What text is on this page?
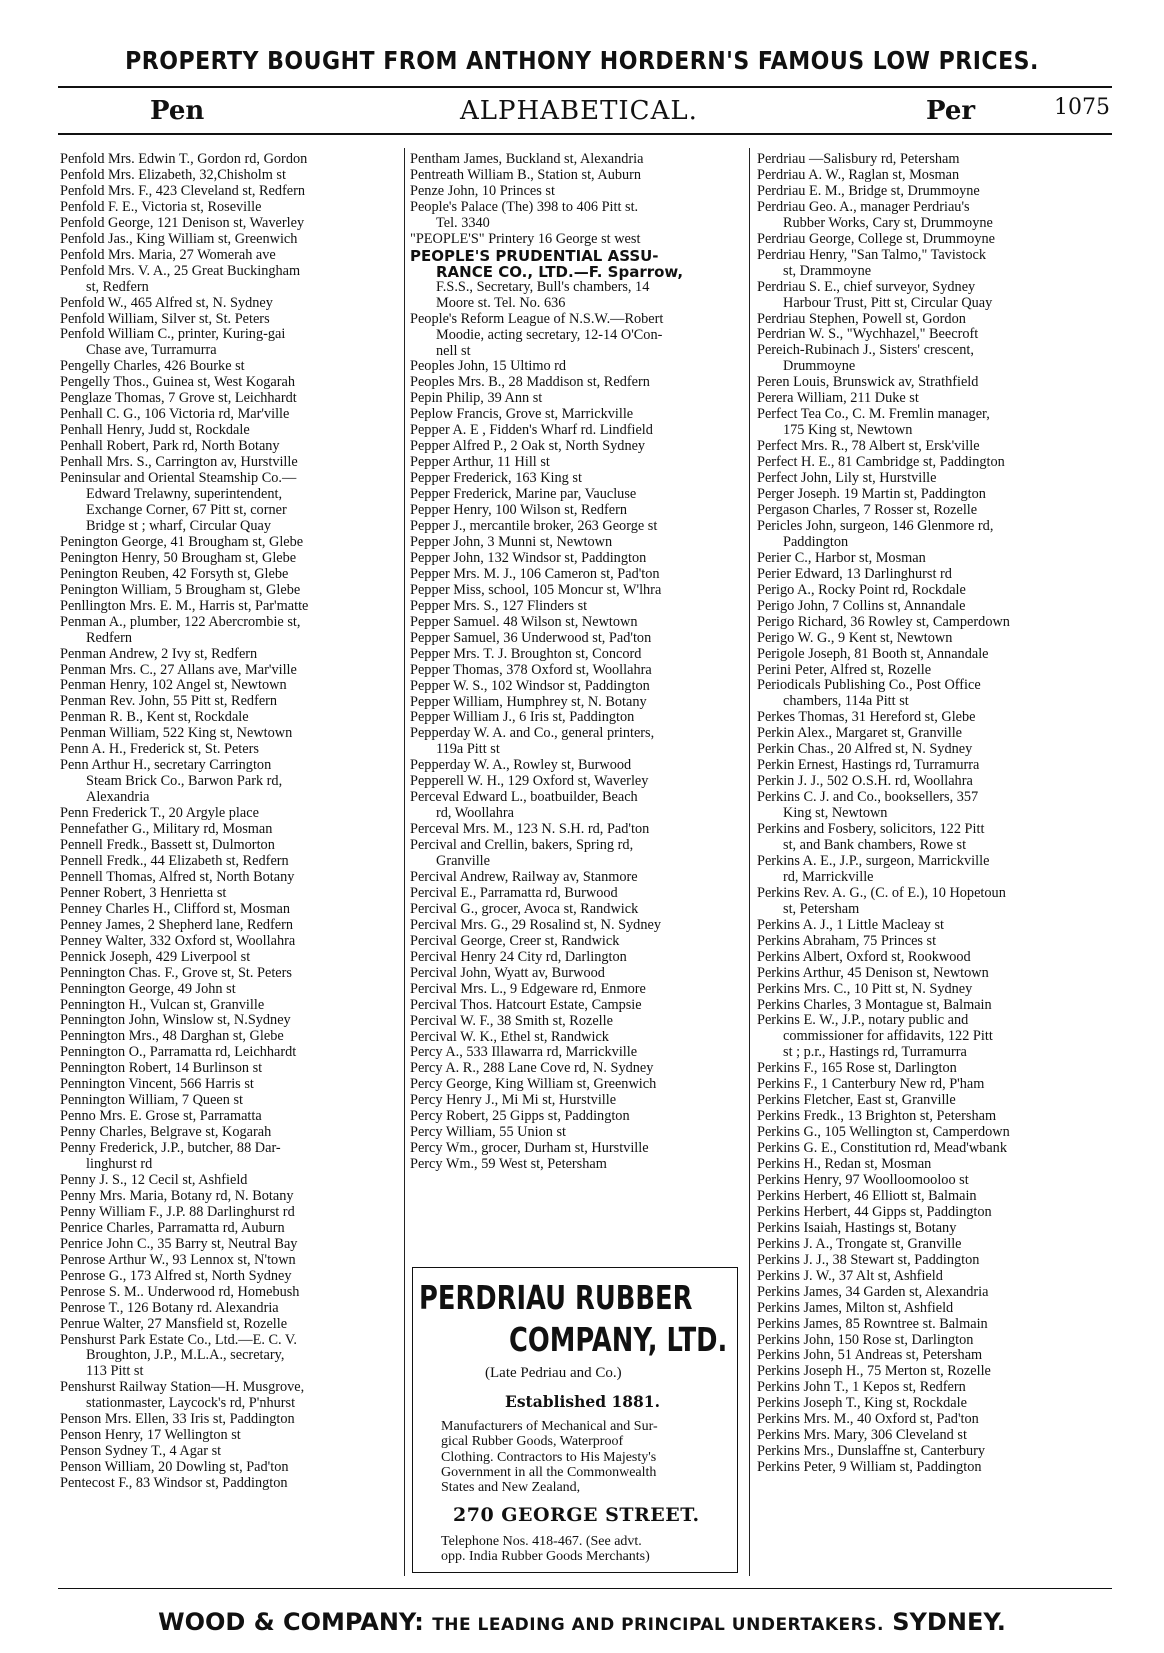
PROPERTY BOUGHT FROM ANTHONY HORDERN'S FAMOUS LOW PRICES.
Pen	ALPHABETICAL.	Per	1075
Penfold Mrs. Edwin T., Gordon rd, Gordon
Penfold Mrs. Elizabeth, 32,Chisholm st
Penfold Mrs. F., 423 Cleveland st, Redfern
Penfold F. E., Victoria st, Roseville
Penfold George, 121 Denison st, Waverley
Penfold Jas., King William st, Greenwich
Penfold Mrs. Maria, 27 Womerah ave
Penfold Mrs. V. A., 25 Great Buckingham
st, Redfern
Penfold W., 465 Alfred st, N. Sydney
Penfold William, Silver st, St. Peters
Penfold William C., printer, Kuring-gai
Chase ave, Turramurra
Pengelly Charles, 426 Bourke st
Pengelly Thos., Guinea st, West Kogarah
Penglaze Thomas, 7 Grove st, Leichhardt
Penhall C. G., 106 Victoria rd, Mar'ville
Penhall Henry, Judd st, Rockdale
Penhall Robert, Park rd, North Botany
Penhall Mrs. S., Carrington av, Hurstville
Peninsular and Oriental Steamship Co.—
Edward Trelawny, superintendent,
Exchange Corner, 67 Pitt st, corner
Bridge st ; wharf, Circular Quay
Penington George, 41 Brougham st, Glebe
Penington Henry, 50 Brougham st, Glebe
Penington Reuben, 42 Forsyth st, Glebe
Penington William, 5 Brougham st, Glebe
Penllington Mrs. E. M., Harris st, Par'matte
Penman A., plumber, 122 Abercrombie st,
Redfern
Penman Andrew, 2 Ivy st, Redfern
Penman Mrs. C., 27 Allans ave, Mar'ville
Penman Henry, 102 Angel st, Newtown
Penman Rev. John, 55 Pitt st, Redfern
Penman R. B., Kent st, Rockdale
Penman William, 522 King st, Newtown
Penn A. H., Frederick st, St. Peters
Penn Arthur H., secretary Carrington
Steam Brick Co., Barwon Park rd,
Alexandria
Penn Frederick T., 20 Argyle place
Pennefather G., Military rd, Mosman
Pennell Fredk., Bassett st, Dulmorton
Pennell Fredk., 44 Elizabeth st, Redfern
Pennell Thomas, Alfred st, North Botany
Penner Robert, 3 Henrietta st
Penney Charles H., Clifford st, Mosman
Penney James, 2 Shepherd lane, Redfern
Penney Walter, 332 Oxford st, Woollahra
Pennick Joseph, 429 Liverpool st
Pennington Chas. F., Grove st, St. Peters
Pennington George, 49 John st
Pennington H., Vulcan st, Granville
Pennington John, Winslow st, N.Sydney
Pennington Mrs., 48 Darghan st, Glebe
Pennington O., Parramatta rd, Leichhardt
Pennington Robert, 14 Burlinson st
Pennington Vincent, 566 Harris st
Pennington William, 7 Queen st
Penno Mrs. E. Grose st, Parramatta
Penny Charles, Belgrave st, Kogarah
Penny Frederick, J.P., butcher, 88 Dar-
linghurst rd
Penny J. S., 12 Cecil st, Ashfield
Penny Mrs. Maria, Botany rd, N. Botany
Penny William F., J.P. 88 Darlinghurst rd
Penrice Charles, Parramatta rd, Auburn
Penrice John C., 35 Barry st, Neutral Bay
Penrose Arthur W., 93 Lennox st, N'town
Penrose G., 173 Alfred st, North Sydney
Penrose S. M.. Underwood rd, Homebush
Penrose T., 126 Botany rd. Alexandria
Penrue Walter, 27 Mansfield st, Rozelle
Penshurst Park Estate Co., Ltd.—E. C. V.
Broughton, J.P., M.L.A., secretary,
113 Pitt st
Penshurst Railway Station—H. Musgrove,
stationmaster, Laycock's rd, P'nhurst
Penson Mrs. Ellen, 33 Iris st, Paddington
Penson Henry, 17 Wellington st
Penson Sydney T., 4 Agar st
Penson William, 20 Dowling st, Pad'ton
Pentecost F., 83 Windsor st, Paddington
Pentham James, Buckland st, Alexandria
Pentreath William B., Station st, Auburn
Penze John, 10 Princes st
People's Palace (The) 398 to 406 Pitt st.
Tel. 3340
"PEOPLE'S" Printery 16 George st west
PEOPLE'S PRUDENTIAL ASSU-
RANCE CO., LTD.—F. Sparrow,
F.S.S., Secretary, Bull's chambers, 14
Moore st. Tel. No. 636
People's Reform League of N.S.W.—Robert
Moodie, acting secretary, 12-14 O'Con-
nell st
Peoples John, 15 Ultimo rd
Peoples Mrs. B., 28 Maddison st, Redfern
Pepin Philip, 39 Ann st
Peplow Francis, Grove st, Marrickville
Pepper A. E , Fidden's Wharf rd. Lindfield
Pepper Alfred P., 2 Oak st, North Sydney
Pepper Arthur, 11 Hill st
Pepper Frederick, 163 King st
Pepper Frederick, Marine par, Vaucluse
Pepper Henry, 100 Wilson st, Redfern
Pepper J., mercantile broker, 263 George st
Pepper John, 3 Munni st, Newtown
Pepper John, 132 Windsor st, Paddington
Pepper Mrs. M. J., 106 Cameron st, Pad'ton
Pepper Miss, school, 105 Moncur st, W'lhra
Pepper Mrs. S., 127 Flinders st
Pepper Samuel. 48 Wilson st, Newtown
Pepper Samuel, 36 Underwood st, Pad'ton
Pepper Mrs. T. J. Broughton st, Concord
Pepper Thomas, 378 Oxford st, Woollahra
Pepper W. S., 102 Windsor st, Paddington
Pepper William, Humphrey st, N. Botany
Pepper William J., 6 Iris st, Paddington
Pepperday W. A. and Co., general printers,
119a Pitt st
Pepperday W. A., Rowley st, Burwood
Pepperell W. H., 129 Oxford st, Waverley
Perceval Edward L., boatbuilder, Beach
rd, Woollahra
Perceval Mrs. M., 123 N. S.H. rd, Pad'ton
Percival and Crellin, bakers, Spring rd,
Granville
Percival Andrew, Railway av, Stanmore
Percival E., Parramatta rd, Burwood
Percival G., grocer, Avoca st, Randwick
Percival Mrs. G., 29 Rosalind st, N. Sydney
Percival George, Creer st, Randwick
Percival Henry 24 City rd, Darlington
Percival John, Wyatt av, Burwood
Percival Mrs. L., 9 Edgeware rd, Enmore
Percival Thos. Hatcourt Estate, Campsie
Percival W. F., 38 Smith st, Rozelle
Percival W. K., Ethel st, Randwick
Percy A., 533 Illawarra rd, Marrickville
Percy A. R., 288 Lane Cove rd, N. Sydney
Percy George, King William st, Greenwich
Percy Henry J., Mi Mi st, Hurstville
Percy Robert, 25 Gipps st, Paddington
Percy William, 55 Union st
Percy Wm., grocer, Durham st, Hurstville
Percy Wm., 59 West st, Petersham
Perdriau —Salisbury rd, Petersham
Perdriau A. W., Raglan st, Mosman
Perdriau E. M., Bridge st, Drummoyne
Perdriau Geo. A., manager Perdriau's
Rubber Works, Cary st, Drummoyne
Perdriau George, College st, Drummoyne
Perdriau Henry, "San Talmo," Tavistock
st, Drammoyne
Perdriau S. E., chief surveyor, Sydney
Harbour Trust, Pitt st, Circular Quay
Perdriau Stephen, Powell st, Gordon
Perdrian W. S., "Wychhazel," Beecroft
Pereich-Rubinach J., Sisters' crescent,
Drummoyne
Peren Louis, Brunswick av, Strathfield
Perera William, 211 Duke st
Perfect Tea Co., C. M. Fremlin manager,
175 King st, Newtown
Perfect Mrs. R., 78 Albert st, Ersk'ville
Perfect H. E., 81 Cambridge st, Paddington
Perfect John, Lily st, Hurstville
Perger Joseph. 19 Martin st, Paddington
Pergason Charles, 7 Rosser st, Rozelle
Pericles John, surgeon, 146 Glenmore rd,
Paddington
Perier C., Harbor st, Mosman
Perier Edward, 13 Darlinghurst rd
Perigo A., Rocky Point rd, Rockdale
Perigo John, 7 Collins st, Annandale
Perigo Richard, 36 Rowley st, Camperdown
Perigo W. G., 9 Kent st, Newtown
Perigole Joseph, 81 Booth st, Annandale
Perini Peter, Alfred st, Rozelle
Periodicals Publishing Co., Post Office
chambers, 114a Pitt st
Perkes Thomas, 31 Hereford st, Glebe
Perkin Alex., Margaret st, Granville
Perkin Chas., 20 Alfred st, N. Sydney
Perkin Ernest, Hastings rd, Turramurra
Perkin J. J., 502 O.S.H. rd, Woollahra
Perkins C. J. and Co., booksellers, 357
King st, Newtown
Perkins and Fosbery, solicitors, 122 Pitt
st, and Bank chambers, Rowe st
Perkins A. E., J.P., surgeon, Marrickville
rd, Marrickville
Perkins Rev. A. G., (C. of E.), 10 Hopetoun
st, Petersham
Perkins A. J., 1 Little Macleay st
Perkins Abraham, 75 Princes st
Perkins Albert, Oxford st, Rookwood
Perkins Arthur, 45 Denison st, Newtown
Perkins Mrs. C., 10 Pitt st, N. Sydney
Perkins Charles, 3 Montague st, Balmain
Perkins E. W., J.P., notary public and
commissioner for affidavits, 122 Pitt
st ; p.r., Hastings rd, Turramurra
Perkins F., 165 Rose st, Darlington
Perkins F., 1 Canterbury New rd, P'ham
Perkins Fletcher, East st, Granville
Perkins Fredk., 13 Brighton st, Petersham
Perkins G., 105 Wellington st, Camperdown
Perkins G. E., Constitution rd, Mead'wbank
Perkins H., Redan st, Mosman
Perkins Henry, 97 Woolloomooloo st
Perkins Herbert, 46 Elliott st, Balmain
Perkins Herbert, 44 Gipps st, Paddington
Perkins Isaiah, Hastings st, Botany
Perkins J. A., Trongate st, Granville
Perkins J. J., 38 Stewart st, Paddington
Perkins J. W., 37 Alt st, Ashfield
Perkins James, 34 Garden st, Alexandria
Perkins James, Milton st, Ashfield
Perkins James, 85 Rowntree st. Balmain
Perkins John, 150 Rose st, Darlington
Perkins John, 51 Andreas st, Petersham
Perkins Joseph H., 75 Merton st, Rozelle
Perkins John T., 1 Kepos st, Redfern
Perkins Joseph T., King st, Rockdale
Perkins Mrs. M., 40 Oxford st, Pad'ton
Perkins Mrs. Mary, 306 Cleveland st
Perkins Mrs., Dunslaffne st, Canterbury
Perkins Peter, 9 William st, Paddington
PERDRIAU RUBBER
COMPANY, LTD.
(Late Pedriau and Co.)
Established 1881.
Manufacturers of Mechanical and Sur-
gical Rubber Goods, Waterproof
Clothing. Contractors to His Majesty's
Government in all the Commonwealth
States and New Zealand,
270 GEORGE STREET.
Telephone Nos. 418-467. (See advt.
opp. India Rubber Goods Merchants)
WOOD & COMPANY: THE LEADING AND PRINCIPAL UNDERTAKERS. SYDNEY.
